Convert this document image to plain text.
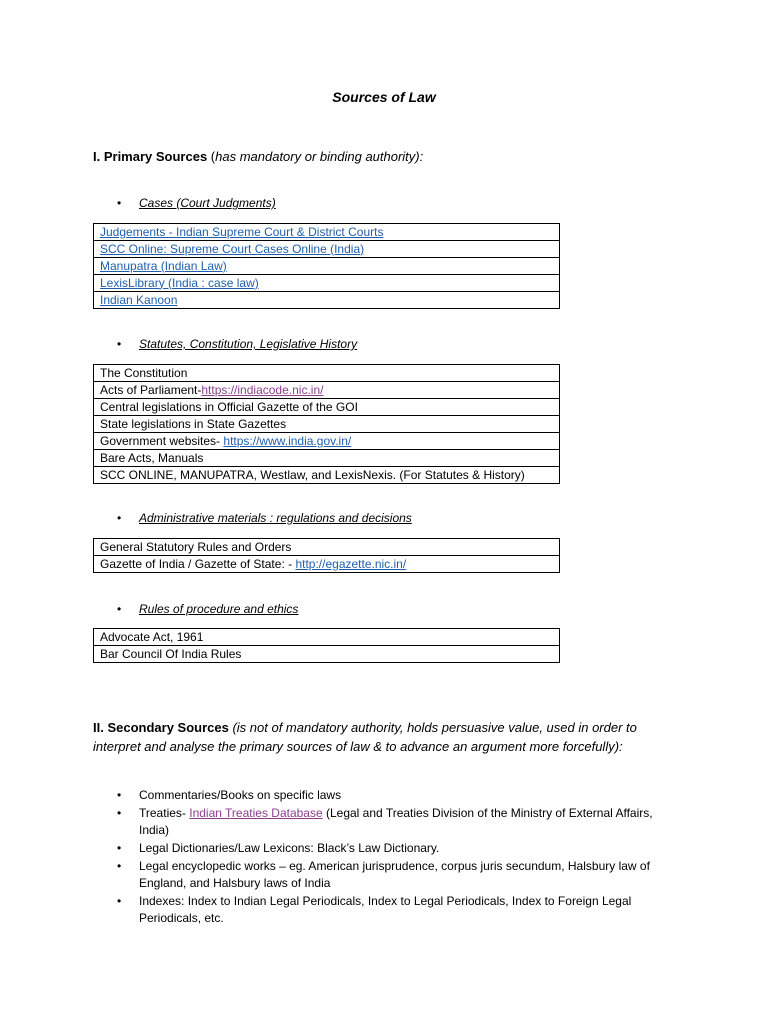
Sources of Law
I. Primary Sources (has mandatory or binding authority):
• Cases (Court Judgments)
Judgements - Indian Supreme Court & District Courts
SCC Online: Supreme Court Cases Online (India)
Manupatra (Indian Law)
LexisLibrary (India : case law)
Indian Kanoon
• Statutes, Constitution, Legislative History
The Constitution
Acts of Parliament-https://indiacode.nic.in/
Central legislations in Official Gazette of the GOI
State legislations in State Gazettes
Government websites- https://www.india.gov.in/
Bare Acts, Manuals
SCC ONLINE, MANUPATRA, Westlaw, and LexisNexis. (For Statutes & History)
• Administrative materials : regulations and decisions
General Statutory Rules and Orders
Gazette of India / Gazette of State: - http://egazette.nic.in/
• Rules of procedure and ethics
Advocate Act, 1961
Bar Council Of India Rules
II. Secondary Sources (is not of mandatory authority, holds persuasive value, used in order to interpret and analyse the primary sources of law & to advance an argument more forcefully):
• Commentaries/Books on specific laws
• Treaties- Indian Treaties Database (Legal and Treaties Division of the Ministry of External Affairs, India)
• Legal Dictionaries/Law Lexicons: Black’s Law Dictionary.
• Legal encyclopedic works – eg. American jurisprudence, corpus juris secundum, Halsbury law of England, and Halsbury laws of India
• Indexes: Index to Indian Legal Periodicals, Index to Legal Periodicals, Index to Foreign Legal Periodicals, etc.
